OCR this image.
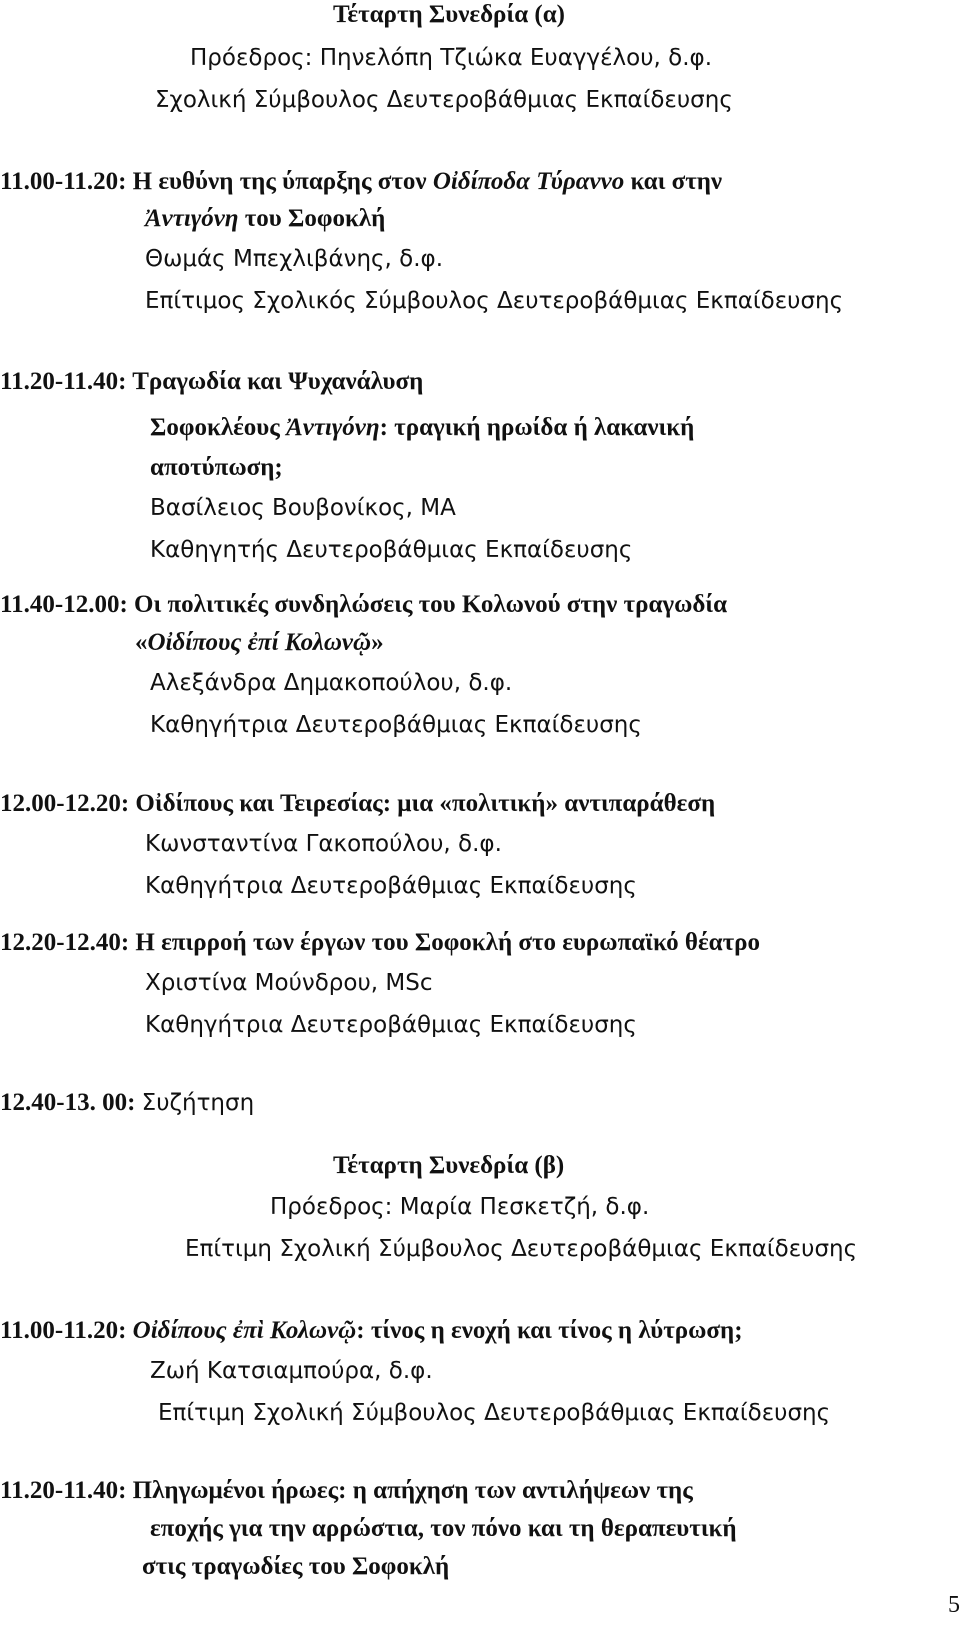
Τέταρτη Συνεδρία (α)
Πρόεδρος: Πηνελόπη Τζιώκα Ευαγγέλου, δ.φ.
Σχολική Σύμβουλος Δευτεροβάθμιας Εκπαίδευσης
11.00-11.20: Η ευθύνη της ύπαρξης στον Οἰδίποδα Τύραννο και στην
Ἀντιγόνη του Σοφοκλή
Θωμάς Μπεχλιβάνης, δ.φ.
Επίτιμος Σχολικός Σύμβουλος Δευτεροβάθμιας Εκπαίδευσης
11.20-11.40: Τραγωδία και Ψυχανάλυση
Σοφοκλέους Ἀντιγόνη: τραγική ηρωίδα ή λακανική
αποτύπωση;
Βασίλειος Βουβονίκος, MA
Καθηγητής Δευτεροβάθμιας Εκπαίδευσης
11.40-12.00: Οι πολιτικές συνδηλώσεις του Κολωνού στην τραγωδία
«Οἰδίπους ἐπί Κολωνῷ»
Αλεξάνδρα Δημακοπούλου, δ.φ.
Καθηγήτρια Δευτεροβάθμιας Εκπαίδευσης
12.00-12.20: Οἰδίπους και Τειρεσίας: μια «πολιτική» αντιπαράθεση
Κωνσταντίνα Γακοπούλου, δ.φ.
Καθηγήτρια Δευτεροβάθμιας Εκπαίδευσης
12.20-12.40: Η επιρροή των έργων του Σοφοκλή στο ευρωπαϊκό θέατρο
Χριστίνα Μούνδρου, MSc
Καθηγήτρια Δευτεροβάθμιας Εκπαίδευσης
12.40-13. 00: Συζήτηση
Τέταρτη Συνεδρία (β)
Πρόεδρος: Μαρία Πεσκετζή, δ.φ.
Επίτιμη Σχολική Σύμβουλος Δευτεροβάθμιας Εκπαίδευσης
11.00-11.20: Οἰδίπους ἐπὶ Κολωνῷ: τίνος η ενοχή και τίνος η λύτρωση;
Ζωή Κατσιαμπούρα, δ.φ.
Επίτιμη Σχολική Σύμβουλος Δευτεροβάθμιας Εκπαίδευσης
11.20-11.40: Πληγωμένοι ήρωες: η απήχηση των αντιλήψεων της
εποχής για την αρρώστια, τον πόνο και τη θεραπευτική
στις τραγωδίες του Σοφοκλή
5
